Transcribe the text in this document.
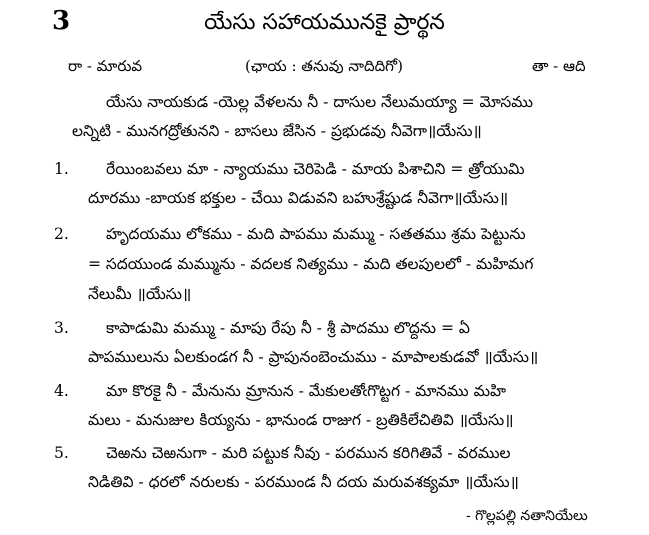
3	యేసు సహాయమునకై ప్రార్థన
రా - మారువ	(ఛాయ : తనువు నాదిదిగో)	తా - ఆది
యేసు నాయకుడ -యెల్ల వేళలను నీ - దాసుల నేలుమయ్యా = మోసము
లన్నిటి - మునగద్రోతునని - బాసలు జేసిన - ప్రభుడవు నీవెగా॥యేసు॥
1. రేయింబవలు మా - న్యాయము చెరిపెడి - మాయ పిశాచిని = త్రోయుమి
దూరము -బాయక భక్తుల - చేయి విడువని బహుశ్రేష్టుడ నీవెగా॥యేసు॥
2. హృదయము లోకము - మది పాపము మమ్ము - సతతము శ్రమ పెట్టును
= సదయుండ మమ్మును - వదలక నిత్యము - మది తలపులలో - మహిమగ
నేలుమీ ॥యేసు॥
3. కాపాడుమి మమ్ము - మాపు రేపు నీ - శ్రీ పాదము లొద్దను = ఏ
పాపములును ఏలకుండగ నీ - ప్రాపునంబెంచుము - మాపాలకుడవో ॥యేసు॥
4. మా కొరకై నీ - మేనును మ్రానున - మేకులతోఁగొట్టగ - మానము మహి
మలు - మనుజుల కియ్యను - భానుండ రాజుగ - బ్రతికిలేచితివి ॥యేసు॥
5. చెఱను చెఱనుగా - మరి పట్టుక నీవు - పరమున కరిగితివే - వరముల
నిడితివి - ధరలో నరులకు - పరముండ నీ దయ మరువశక్యమా ॥యేసు॥
- గొల్లపల్లి నతానియేలు
